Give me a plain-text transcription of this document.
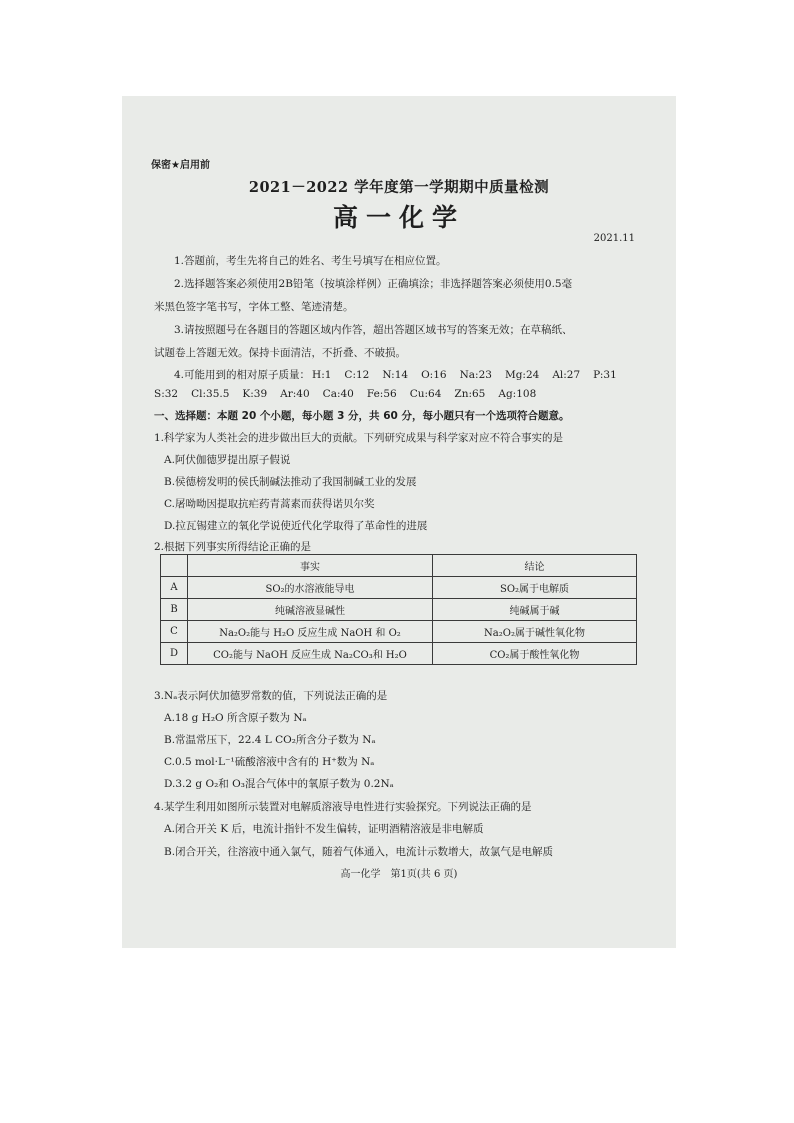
保密★启用前
2021－2022 学年度第一学期期中质量检测
高一化学
2021.11
1.答题前，考生先将自己的姓名、考生号填写在相应位置。
2.选择题答案必须使用2B铅笔（按填涂样例）正确填涂；非选择题答案必须使用0.5毫
米黑色签字笔书写，字体工整、笔迹清楚。
3.请按照题号在各题目的答题区域内作答，超出答题区域书写的答案无效；在草稿纸、
试题卷上答题无效。保持卡面清洁，不折叠、不破损。
4.可能用到的相对原子质量： H:1 C:12 N:14 O:16 Na:23 Mg:24 Al:27 P:31
S:32 Cl:35.5 K:39 Ar:40 Ca:40 Fe:56 Cu:64 Zn:65 Ag:108
一、选择题：本题 20 个小题，每小题 3 分，共 60 分，每小题只有一个选项符合题意。
1.科学家为人类社会的进步做出巨大的贡献。下列研究成果与科学家对应不符合事实的是
A.阿伏伽德罗提出原子假说
B.侯德榜发明的侯氏制碱法推动了我国制碱工业的发展
C.屠呦呦因提取抗疟药青蒿素而获得诺贝尔奖
D.拉瓦锡建立的氧化学说使近代化学取得了革命性的进展
2.根据下列事实所得结论正确的是
	事实	结论
A	SO₂的水溶液能导电	SO₂属于电解质
B	纯碱溶液显碱性	纯碱属于碱
C	Na₂O₂能与 H₂O 反应生成 NaOH 和 O₂	Na₂O₂属于碱性氧化物
D	CO₂能与 NaOH 反应生成 Na₂CO₃和 H₂O	CO₂属于酸性氧化物
3.Nₐ表示阿伏加德罗常数的值，下列说法正确的是
A.18 g H₂O 所含原子数为 Nₐ
B.常温常压下，22.4 L CO₂所含分子数为 Nₐ
C.0.5 mol·L⁻¹硫酸溶液中含有的 H⁺数为 Nₐ
D.3.2 g O₂和 O₃混合气体中的氧原子数为 0.2Nₐ
4.某学生利用如图所示装置对电解质溶液导电性进行实验探究。下列说法正确的是
A.闭合开关 K 后，电流计指针不发生偏转，证明酒精溶液是非电解质
B.闭合开关，往溶液中通入氯气，随着气体通入，电流计示数增大，故氯气是电解质
高一化学　第1页(共 6 页)
